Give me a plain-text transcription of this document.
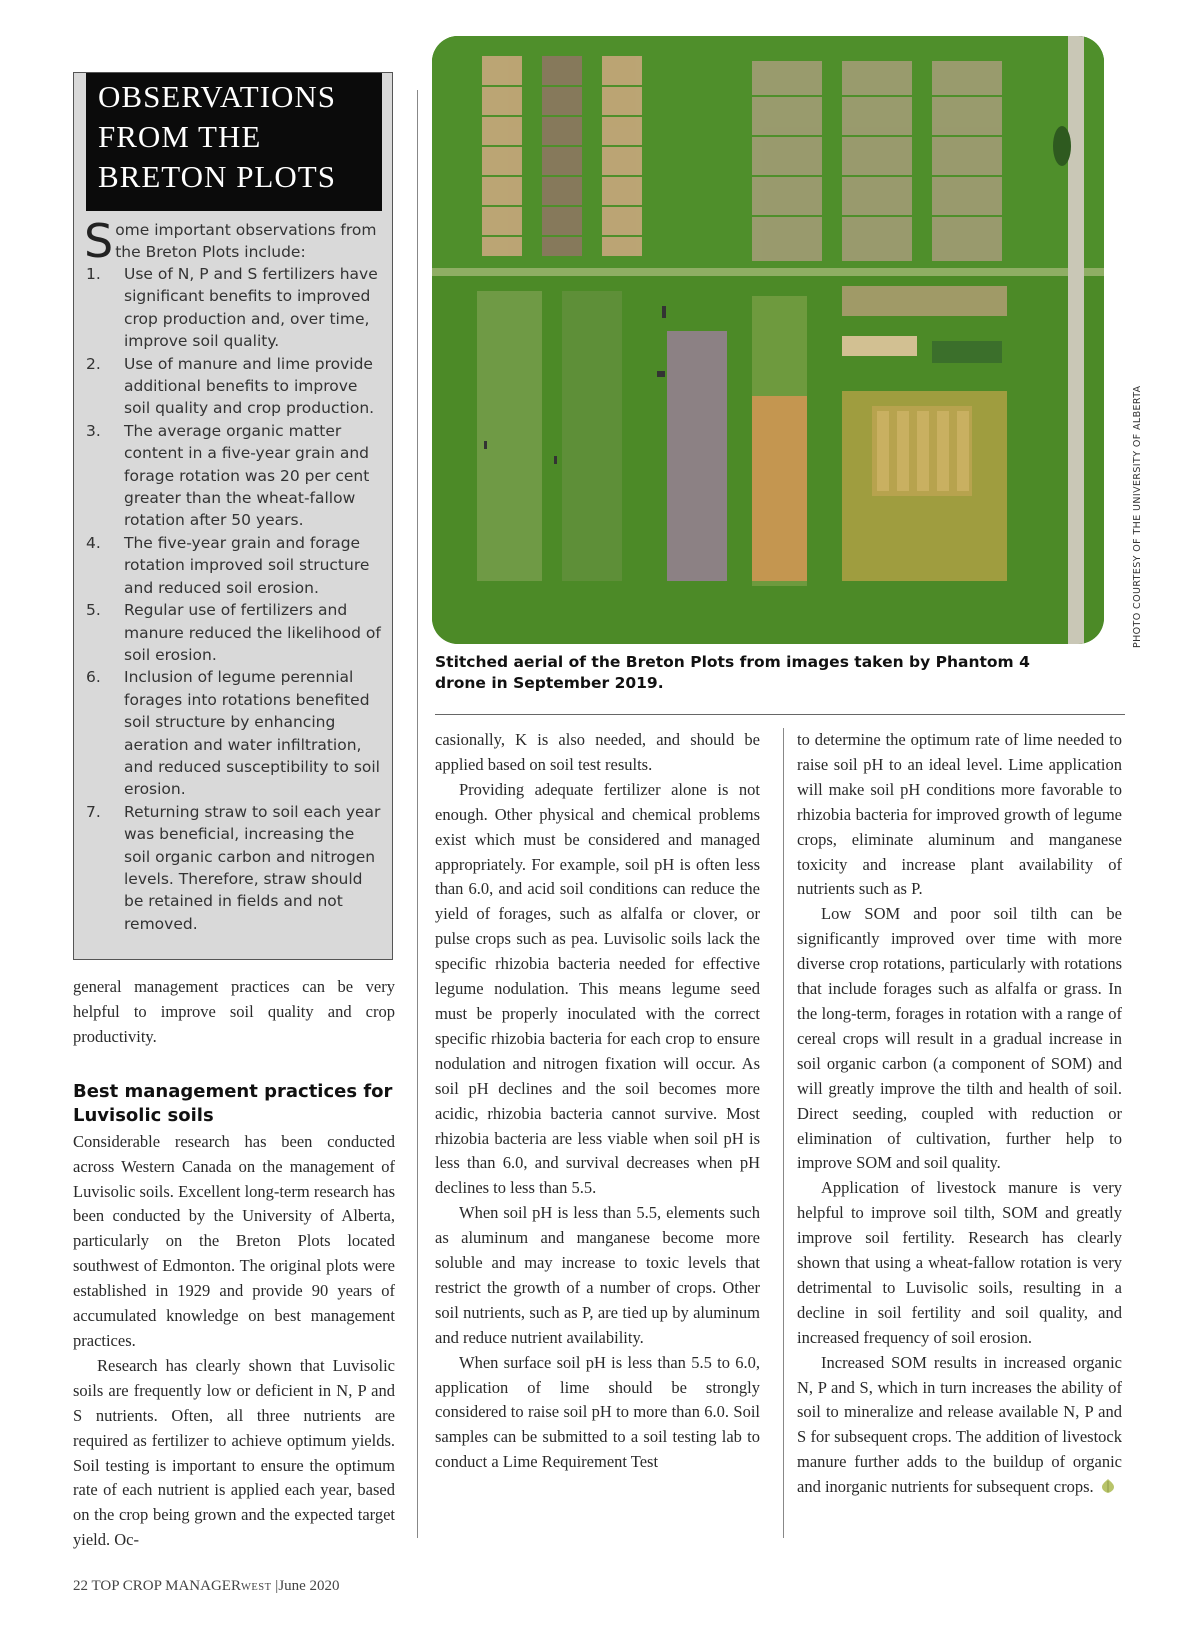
OBSERVATIONS
FROM THE
BRETON PLOTS
Some important observations from the Breton Plots include:
1. Use of N, P and S fertilizers have significant benefits to improved crop production and, over time, improve soil quality.
2. Use of manure and lime provide additional benefits to improve soil quality and crop production.
3. The average organic matter content in a five-year grain and forage rotation was 20 per cent greater than the wheat-fallow rotation after 50 years.
4. The five-year grain and forage rotation improved soil structure and reduced soil erosion.
5. Regular use of fertilizers and manure reduced the likelihood of soil erosion.
6. Inclusion of legume perennial forages into rotations benefited soil structure by enhancing aeration and water infiltration, and reduced susceptibility to soil erosion.
7. Returning straw to soil each year was beneficial, increasing the soil organic carbon and nitrogen levels. Therefore, straw should be retained in fields and not removed.
PHOTO COURTESY OF THE UNIVERSITY OF ALBERTA
Stitched aerial of the Breton Plots from images taken by Phantom 4 drone in September 2019.

general management practices can be very helpful to improve soil quality and crop productivity.

Best management practices for Luvisolic soils

Considerable research has been conducted across Western Canada on the management of Luvisolic soils. Excellent long-term research has been conducted by the University of Alberta, particularly on the Breton Plots located southwest of Edmonton. The original plots were established in 1929 and provide 90 years of accumulated knowledge on best management practices.

Research has clearly shown that Luvisolic soils are frequently low or deficient in N, P and S nutrients. Often, all three nutrients are required as fertilizer to achieve optimum yields. Soil testing is important to ensure the optimum rate of each nutrient is applied each year, based on the crop being grown and the expected target yield. Oc-

casionally, K is also needed, and should be applied based on soil test results.

Providing adequate fertilizer alone is not enough. Other physical and chemical problems exist which must be considered and managed appropriately. For example, soil pH is often less than 6.0, and acid soil conditions can reduce the yield of forages, such as alfalfa or clover, or pulse crops such as pea. Luvisolic soils lack the specific rhizobia bacteria needed for effective legume nodulation. This means legume seed must be properly inoculated with the correct specific rhizobia bacteria for each crop to ensure nodulation and nitrogen fixation will occur. As soil pH declines and the soil becomes more acidic, rhizobia bacteria cannot survive. Most rhizobia bacteria are less viable when soil pH is less than 6.0, and survival decreases when pH declines to less than 5.5.

When soil pH is less than 5.5, elements such as aluminum and manganese become more soluble and may increase to toxic levels that restrict the growth of a number of crops. Other soil nutrients, such as P, are tied up by aluminum and reduce nutrient availability.

When surface soil pH is less than 5.5 to 6.0, application of lime should be strongly considered to raise soil pH to more than 6.0. Soil samples can be submitted to a soil testing lab to conduct a Lime Requirement Test

to determine the optimum rate of lime needed to raise soil pH to an ideal level. Lime application will make soil pH conditions more favorable to rhizobia bacteria for improved growth of legume crops, eliminate aluminum and manganese toxicity and increase plant availability of nutrients such as P.

Low SOM and poor soil tilth can be significantly improved over time with more diverse crop rotations, particularly with rotations that include forages such as alfalfa or grass. In the long-term, forages in rotation with a range of cereal crops will result in a gradual increase in soil organic carbon (a component of SOM) and will greatly improve the tilth and health of soil. Direct seeding, coupled with reduction or elimination of cultivation, further help to improve SOM and soil quality.

Application of livestock manure is very helpful to improve soil tilth, SOM and greatly improve soil fertility. Research has clearly shown that using a wheat-fallow rotation is very detrimental to Luvisolic soils, resulting in a decline in soil fertility and soil quality, and increased frequency of soil erosion.

Increased SOM results in increased organic N, P and S, which in turn increases the ability of soil to mineralize and release available N, P and S for subsequent crops. The addition of livestock manure further adds to the buildup of organic and inorganic nutrients for subsequent crops.

22 TOP CROP MANAGERWEST |June 2020
